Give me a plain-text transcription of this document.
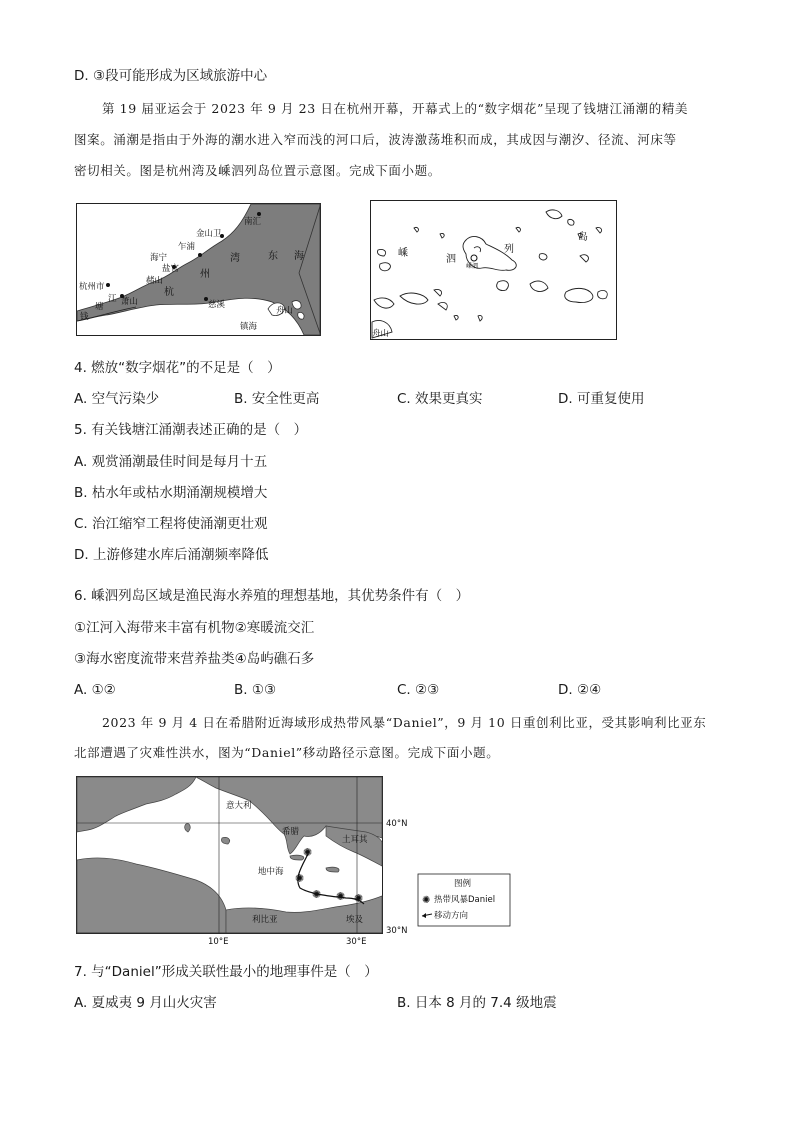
D. ③段可能形成为区域旅游中心
第 19 届亚运会于 2023 年 9 月 23 日在杭州开幕，开幕式上的“数字烟花”呈现了钱塘江涌潮的精美
图案。涌潮是指由于外海的潮水进入窄而浅的河口后，波涛激荡堆积而成，其成因与潮汐、径流、河床等
密切相关。图是杭州湾及嵊泗列岛位置示意图。完成下面小题。
南汇
金山卫
乍浦
海宁
盐官
杭州市
赭山
萧山
钱
塘
江
杭
州
湾	东 海
慈溪
镇海
舟山
嵊
泗
列
岛
嵊泗
舟山
4. 燃放“数字烟花”的不足是（　）
A. 空气污染少	B. 安全性更高	C. 效果更真实	D. 可重复使用
5. 有关钱塘江涌潮表述正确的是（　）
A. 观赏涌潮最佳时间是每月十五
B. 枯水年或枯水期涌潮规模增大
C. 治江缩窄工程将使涌潮更壮观
D. 上游修建水库后涌潮频率降低
6. 嵊泗列岛区域是渔民海水养殖的理想基地，其优势条件有（　）
①江河入海带来丰富有机物②寒暖流交汇
③海水密度流带来营养盐类④岛屿礁石多
A. ①②	B. ①③	C. ②③	D. ②④
2023 年 9 月 4 日在希腊附近海域形成热带风暴“Daniel”，9 月 10 日重创利比亚，受其影响利比亚东
北部遭遇了灾难性洪水，图为“Daniel”移动路径示意图。完成下面小题。
✺
✺
✺ ✺ ✺
意大利
希腊
土耳其
地中海
利比亚	埃及
40°N
30°N
10°E	30°E
图例
✺ 热带风暴Daniel
移动方向
7. 与“Daniel”形成关联性最小的地理事件是（　）
A. 夏威夷 9 月山火灾害	B. 日本 8 月的 7.4 级地震
